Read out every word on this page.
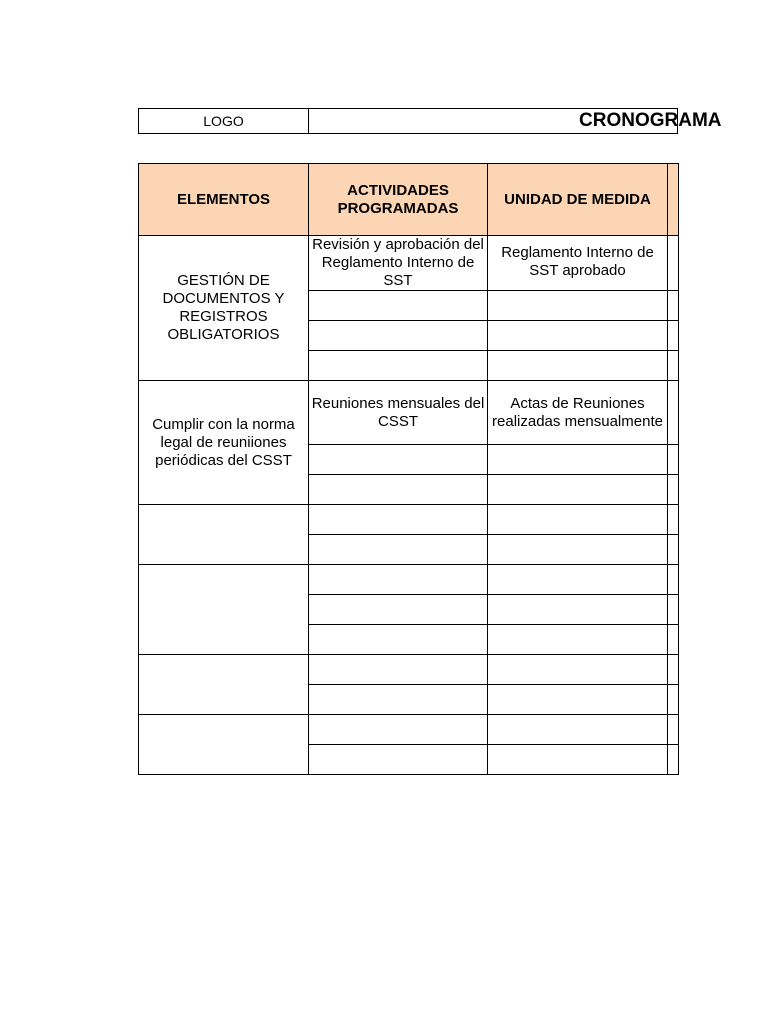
LOGO	CRONOGRAMA
ELEMENTOS	ACTIVIDADES PROGRAMADAS	UNIDAD DE MEDIDA	
GESTIÓN DE DOCUMENTOS Y REGISTROS OBLIGATORIOS	Revisión y aprobación del Reglamento Interno de SST	Reglamento Interno de SST aprobado	

Cumplir con la norma legal de reuniiones periódicas del CSST	Reuniones mensuales del CSST	Actas de Reuniones realizadas mensualmente	
